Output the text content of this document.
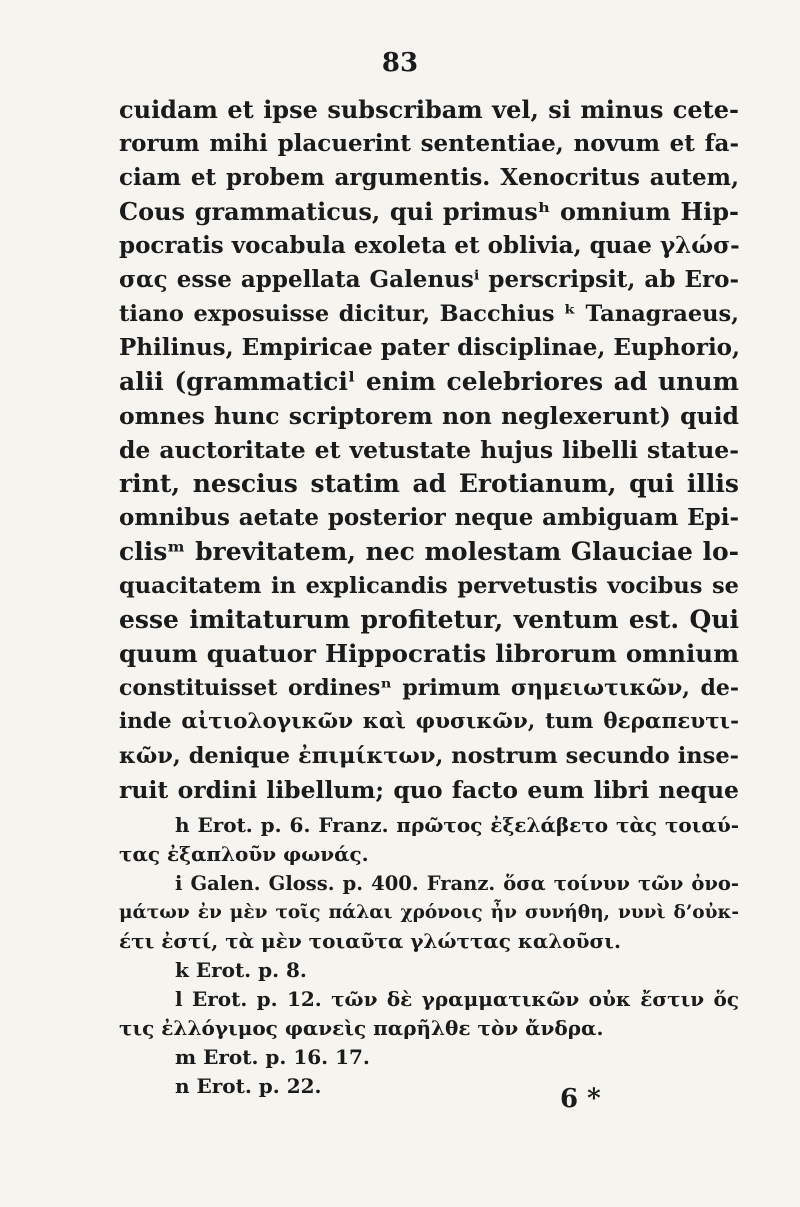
83
cuidam et ipse subscribam vel, si minus cete-
rorum mihi placuerint sententiae, novum et fa-
ciam et probem argumentis. Xenocritus autem,
Cous grammaticus, qui primusʰ omnium Hip-
pocratis vocabula exoleta et oblivia, quae γλώσ-
σας esse appellata Galenusⁱ perscripsit, ab Ero-
tiano exposuisse dicitur, Bacchius ᵏ Tanagraeus,
Philinus, Empiricae pater disciplinae, Euphorio,
alii (grammaticiˡ enim celebriores ad unum
omnes hunc scriptorem non neglexerunt) quid
de auctoritate et vetustate hujus libelli statue-
rint, nescius statim ad Erotianum, qui illis
omnibus aetate posterior neque ambiguam Epi-
clisᵐ brevitatem, nec molestam Glauciae lo-
quacitatem in explicandis pervetustis vocibus se
esse imitaturum profitetur, ventum est. Qui
quum quatuor Hippocratis librorum omnium
constituisset ordinesⁿ primum σημειωτικῶν, de-
inde αἰτιολογικῶν καὶ φυσικῶν, tum θεραπευτι-
κῶν, denique ἐπιμίκτων, nostrum secundo inse-
ruit ordini libellum; quo facto eum libri neque
h Erot. p. 6. Franz. πρῶτος ἐξελάβετο τὰς τοιαύ-
τας ἐξαπλοῦν φωνάς.
i Galen. Gloss. p. 400. Franz. ὅσα τοίνυν τῶν ὀνο-
μάτων ἐν μὲν τοῖς πάλαι χρόνοις ἦν συνήθη, νυνὶ δ’οὐκ-
έτι ἐστί, τὰ μὲν τοιαῦτα γλώττας καλοῦσι.
k Erot. p. 8.
l Erot. p. 12. τῶν δὲ γραμματικῶν οὐκ ἔστιν ὅς
τις ἐλλόγιμος φανεὶς παρῆλθε τὸν ἄνδρα.
m Erot. p. 16. 17.
n Erot. p. 22.	6 *
